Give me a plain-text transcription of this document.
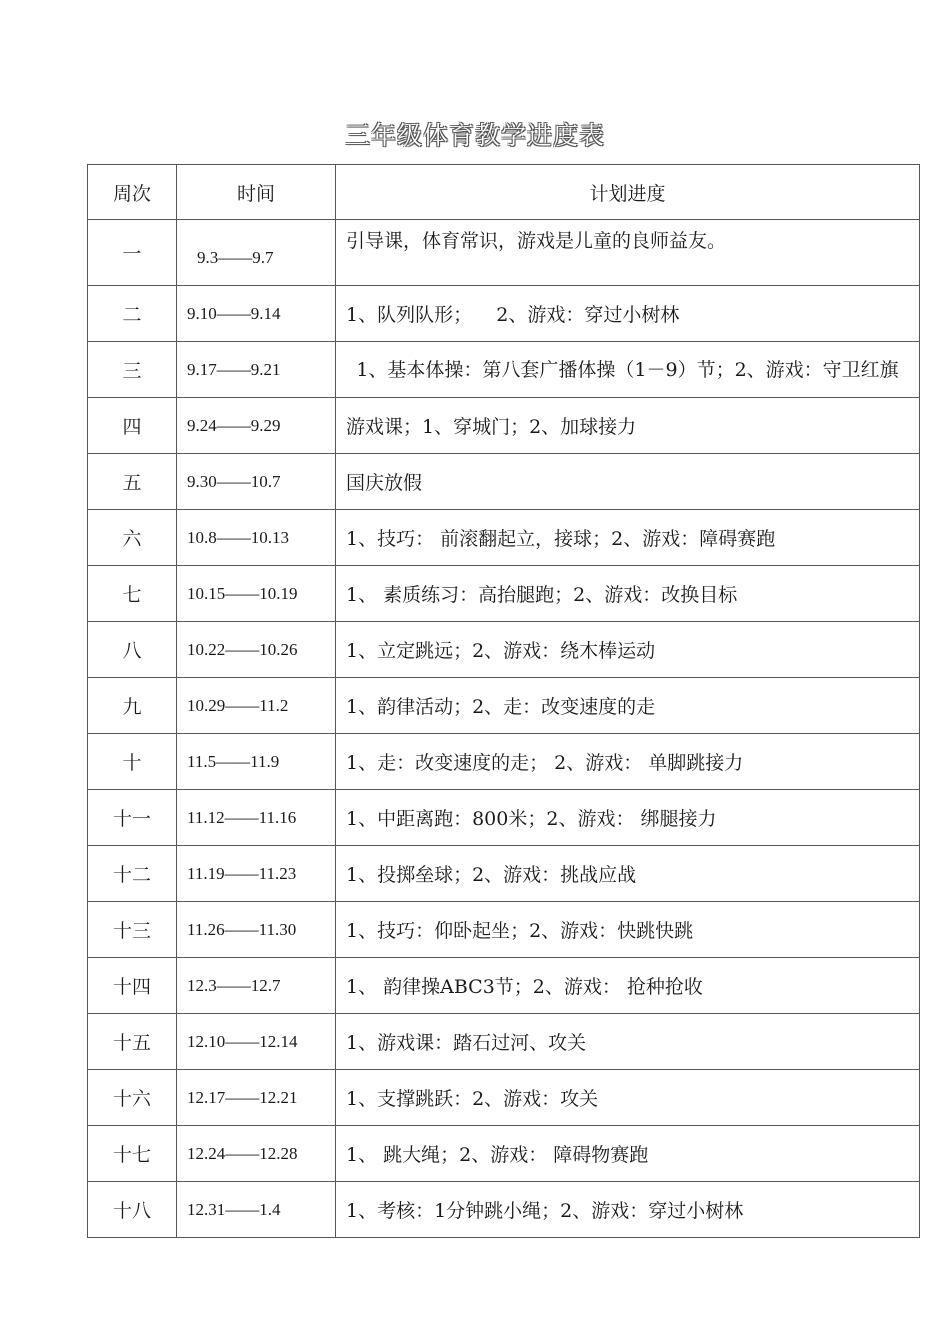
三年级体育教学进度表
周次	时间	计划进度
一	9.3——9.7	引导课，体育常识，游戏是儿童的良师益友。
二	9.10——9.14	1、队列队形；    2、游戏：穿过小树林
三	9.17——9.21	1、基本体操：第八套广播体操（1－9）节；2、游戏：守卫红旗
四	9.24——9.29	游戏课；1、穿城门；2、加球接力
五	9.30——10.7	国庆放假
六	10.8——10.13	1、技巧： 前滚翻起立，接球；2、游戏：障碍赛跑
七	10.15——10.19	1、 素质练习：高抬腿跑；2、游戏：改换目标
八	10.22——10.26	1、立定跳远；2、游戏：绕木棒运动
九	10.29——11.2	1、韵律活动；2、走：改变速度的走
十	11.5——11.9	1、走：改变速度的走； 2、游戏： 单脚跳接力
十一	11.12——11.16	1、中距离跑：800米；2、游戏： 绑腿接力
十二	11.19——11.23	1、投掷垒球；2、游戏：挑战应战
十三	11.26——11.30	1、技巧：仰卧起坐；2、游戏：快跳快跳
十四	12.3——12.7	1、 韵律操ABC3节；2、游戏： 抢种抢收
十五	12.10——12.14	1、游戏课：踏石过河、攻关
十六	12.17——12.21	1、支撑跳跃：2、游戏：攻关
十七	12.24——12.28	1、 跳大绳；2、游戏： 障碍物赛跑
十八	12.31——1.4	1、考核：1分钟跳小绳；2、游戏：穿过小树林
